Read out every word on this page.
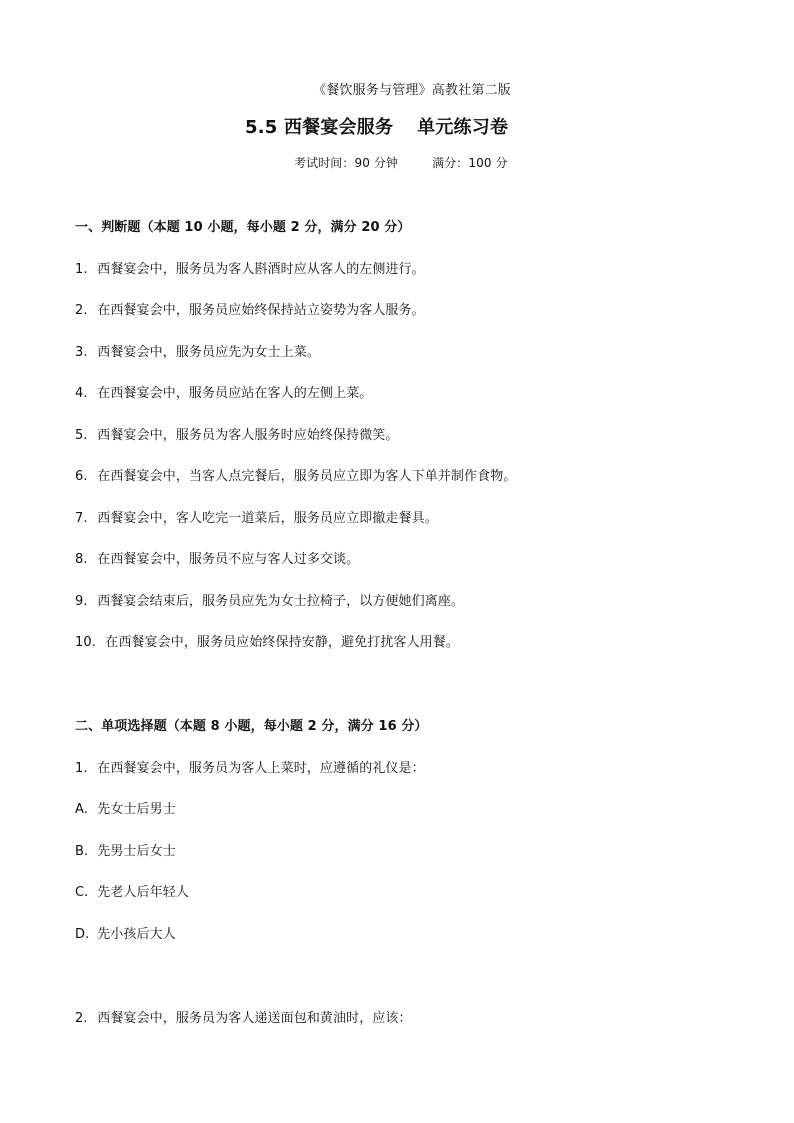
《餐饮服务与管理》高教社第二版
5.5 西餐宴会服务 单元练习卷
考试时间：90 分钟	满分：100 分
一、判断题（本题 10 小题，每小题 2 分，满分 20 分）
1. 西餐宴会中，服务员为客人斟酒时应从客人的左侧进行。
2. 在西餐宴会中，服务员应始终保持站立姿势为客人服务。
3. 西餐宴会中，服务员应先为女士上菜。
4. 在西餐宴会中，服务员应站在客人的左侧上菜。
5. 西餐宴会中，服务员为客人服务时应始终保持微笑。
6. 在西餐宴会中，当客人点完餐后，服务员应立即为客人下单并制作食物。
7. 西餐宴会中，客人吃完一道菜后，服务员应立即撤走餐具。
8. 在西餐宴会中，服务员不应与客人过多交谈。
9. 西餐宴会结束后，服务员应先为女士拉椅子，以方便她们离座。
10. 在西餐宴会中，服务员应始终保持安静，避免打扰客人用餐。
二、单项选择题（本题 8 小题，每小题 2 分，满分 16 分）
1. 在西餐宴会中，服务员为客人上菜时，应遵循的礼仪是：
A. 先女士后男士
B. 先男士后女士
C. 先老人后年轻人
D. 先小孩后大人
2. 西餐宴会中，服务员为客人递送面包和黄油时，应该：
